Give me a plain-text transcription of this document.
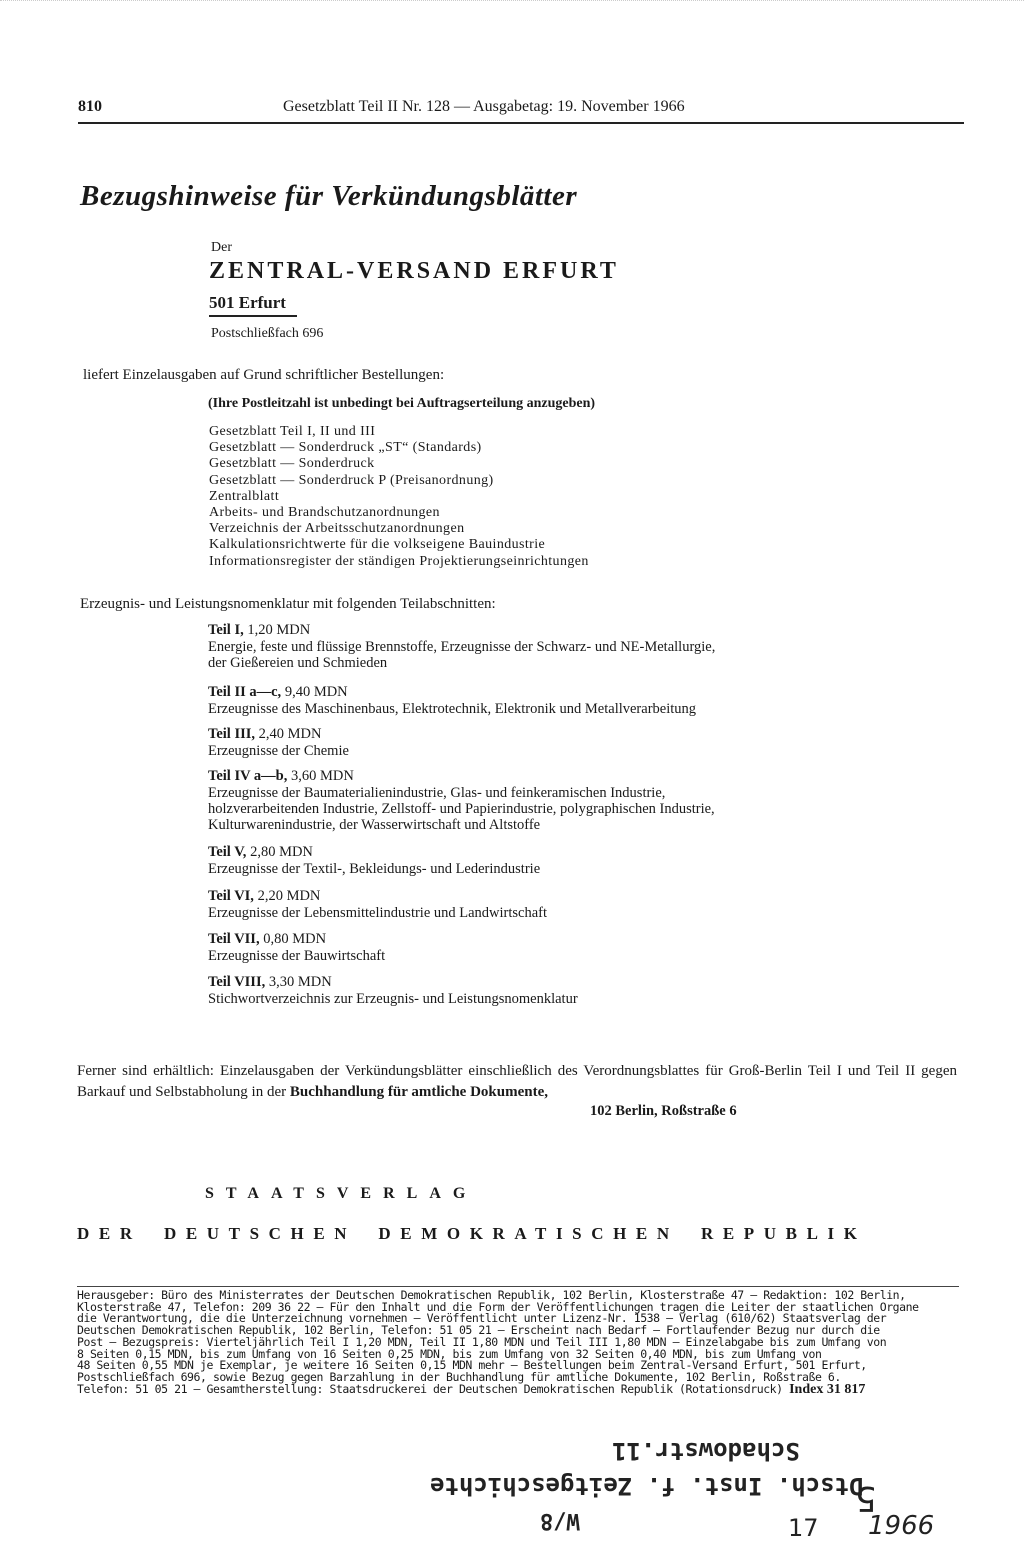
810	Gesetzblatt Teil II Nr. 128 — Ausgabetag: 19. November 1966
Bezugshinweise für Verkündungsblätter
Der
ZENTRAL-VERSAND ERFURT
501 Erfurt
Postschließfach 696
liefert Einzelausgaben auf Grund schriftlicher Bestellungen:
(Ihre Postleitzahl ist unbedingt bei Auftragserteilung anzugeben)
Gesetzblatt Teil I, II und III
Gesetzblatt — Sonderdruck „ST“ (Standards)
Gesetzblatt — Sonderdruck
Gesetzblatt — Sonderdruck P (Preisanordnung)
Zentralblatt
Arbeits- und Brandschutzanordnungen
Verzeichnis der Arbeitsschutzanordnungen
Kalkulationsrichtwerte für die volkseigene Bauindustrie
Informationsregister der ständigen Projektierungseinrichtungen
Erzeugnis- und Leistungsnomenklatur mit folgenden Teilabschnitten:
Teil I, 1,20 MDN
Energie, feste und flüssige Brennstoffe, Erzeugnisse der Schwarz- und NE-Metallurgie,
der Gießereien und Schmieden
Teil II a—c, 9,40 MDN
Erzeugnisse des Maschinenbaus, Elektrotechnik, Elektronik und Metallverarbeitung
Teil III, 2,40 MDN
Erzeugnisse der Chemie
Teil IV a—b, 3,60 MDN
Erzeugnisse der Baumaterialienindustrie, Glas- und feinkeramischen Industrie,
holzverarbeitenden Industrie, Zellstoff- und Papierindustrie, polygraphischen Industrie,
Kulturwarenindustrie, der Wasserwirtschaft und Altstoffe
Teil V, 2,80 MDN
Erzeugnisse der Textil-, Bekleidungs- und Lederindustrie
Teil VI, 2,20 MDN
Erzeugnisse der Lebensmittelindustrie und Landwirtschaft
Teil VII, 0,80 MDN
Erzeugnisse der Bauwirtschaft
Teil VIII, 3,30 MDN
Stichwortverzeichnis zur Erzeugnis- und Leistungsnomenklatur
Ferner sind erhältlich: Einzelausgaben der Verkündungsblätter einschließlich des Verordnungsblattes für Groß-Berlin Teil I und Teil II gegen Barkauf und Selbstabholung in der Buchhandlung für amtliche Dokumente,
102 Berlin, Roßstraße 6
STAATSVERLAG
DER DEUTSCHEN DEMOKRATISCHEN REPUBLIK
Herausgeber: Büro des Ministerrates der Deutschen Demokratischen Republik, 102 Berlin, Klosterstraße 47 — Redaktion: 102 Berlin,
Klosterstraße 47, Telefon: 209 36 22 — Für den Inhalt und die Form der Veröffentlichungen tragen die Leiter der staatlichen Organe
die Verantwortung, die die Unterzeichnung vornehmen — Veröffentlicht unter Lizenz-Nr. 1538 — Verlag (610/62) Staatsverlag der
Deutschen Demokratischen Republik, 102 Berlin, Telefon: 51 05 21 — Erscheint nach Bedarf — Fortlaufender Bezug nur durch die
Post — Bezugspreis: Vierteljährlich Teil I 1,20 MDN, Teil II 1,80 MDN und Teil III 1,80 MDN — Einzelabgabe bis zum Umfang von
8 Seiten 0,15 MDN, bis zum Umfang von 16 Seiten 0,25 MDN, bis zum Umfang von 32 Seiten 0,40 MDN, bis zum Umfang von
48 Seiten 0,55 MDN je Exemplar, je weitere 16 Seiten 0,15 MDN mehr — Bestellungen beim Zentral-Versand Erfurt, 501 Erfurt,
Postschließfach 696, sowie Bezug gegen Barzahlung in der Buchhandlung für amtliche Dokumente, 102 Berlin, Roßstraße 6.
Telefon: 51 05 21 — Gesamtherstellung: Staatsdruckerei der Deutschen Demokratischen Republik (Rotationsdruck) Index 31 817
Schadowstr.11
Dtsch. Inst. f. Zeitgeschichte
W/8
5
17 1966
